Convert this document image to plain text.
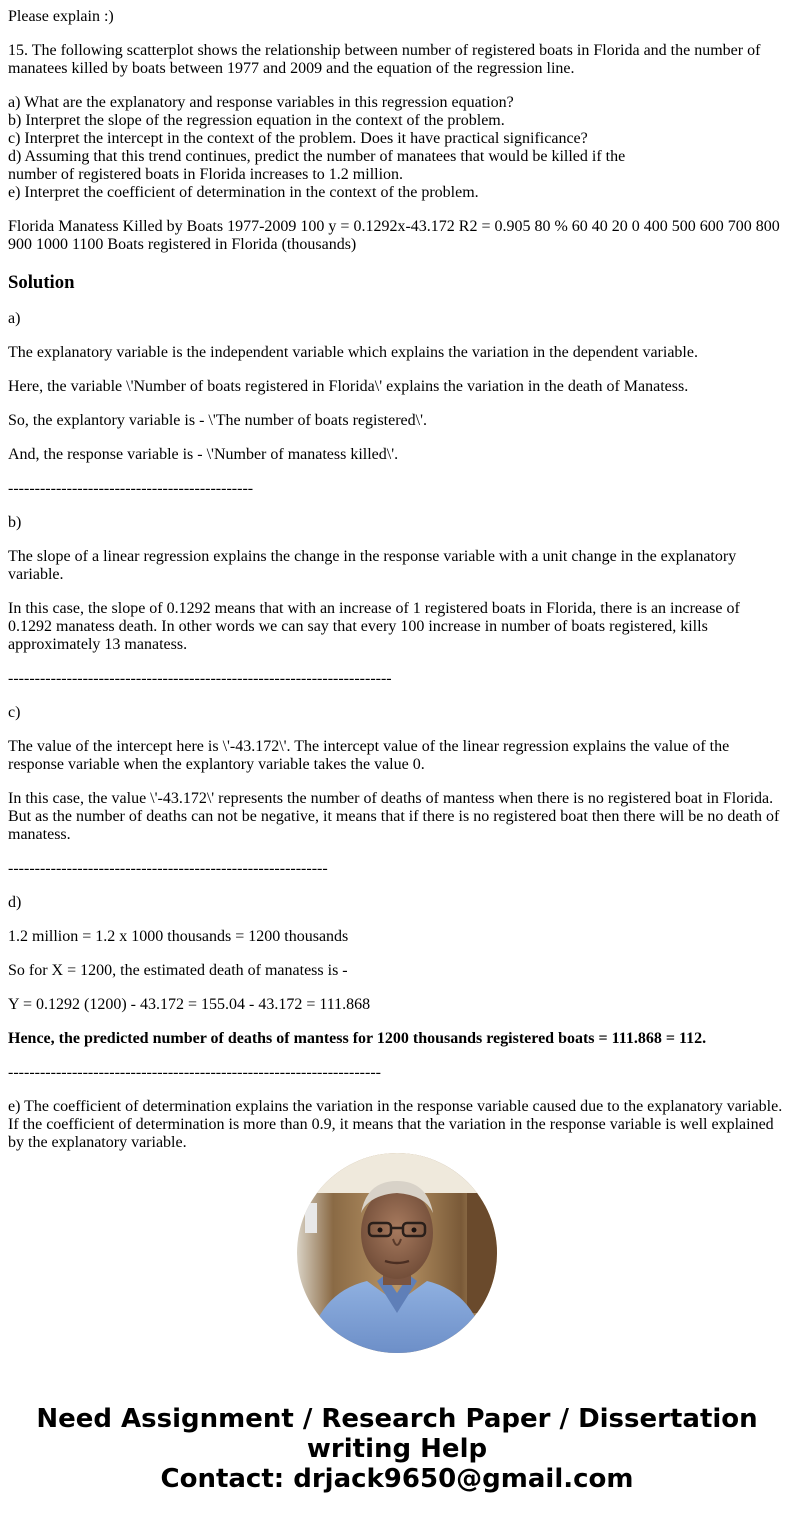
Please explain :)

15. The following scatterplot shows the relationship between number of registered boats in Florida and the number of manatees killed by boats between 1977 and 2009 and the equation of the regression line.

a) What are the explanatory and response variables in this regression equation?
b) Interpret the slope of the regression equation in the context of the problem.
c) Interpret the intercept in the context of the problem. Does it have practical significance?
d) Assuming that this trend continues, predict the number of manatees that would be killed if the
number of registered boats in Florida increases to 1.2 million.
e) Interpret the coefficient of determination in the context of the problem.

Florida Manatess Killed by Boats 1977-2009 100 y = 0.1292x-43.172 R2 = 0.905 80 % 60 40 20 0 400 500 600 700 800 900 1000 1100 Boats registered in Florida (thousands)

Solution

a)

The explanatory variable is the independent variable which explains the variation in the dependent variable.

Here, the variable \'Number of boats registered in Florida\' explains the variation in the death of Manatess.

So, the explantory variable is - \'The number of boats registered\'.

And, the response variable is - \'Number of manatess killed\'.

----------------------------------------------

b)

The slope of a linear regression explains the change in the response variable with a unit change in the explanatory variable.

In this case, the slope of 0.1292 means that with an increase of 1 registered boats in Florida, there is an increase of 0.1292 manatess death. In other words we can say that every 100 increase in number of boats registered, kills approximately 13 manatess.

------------------------------------------------------------------------

c)

The value of the intercept here is \'-43.172\'. The intercept value of the linear regression explains the value of the response variable when the explantory variable takes the value 0.

In this case, the value \'-43.172\' represents the number of deaths of mantess when there is no registered boat in Florida. But as the number of deaths can not be negative, it means that if there is no registered boat then there will be no death of manatess.

------------------------------------------------------------

d)

1.2 million = 1.2 x 1000 thousands = 1200 thousands

So for X = 1200, the estimated death of manatess is -

Y = 0.1292 (1200) - 43.172 = 155.04 - 43.172 = 111.868

Hence, the predicted number of deaths of mantess for 1200 thousands registered boats = 111.868 = 112.

----------------------------------------------------------------------

e) The coefficient of determination explains the variation in the response variable caused due to the explanatory variable. If the coefficient of determination is more than 0.9, it means that the variation in the response variable is well explained by the explanatory variable.

Need Assignment / Research Paper / Dissertation
writing Help
Contact: drjack9650@gmail.com
